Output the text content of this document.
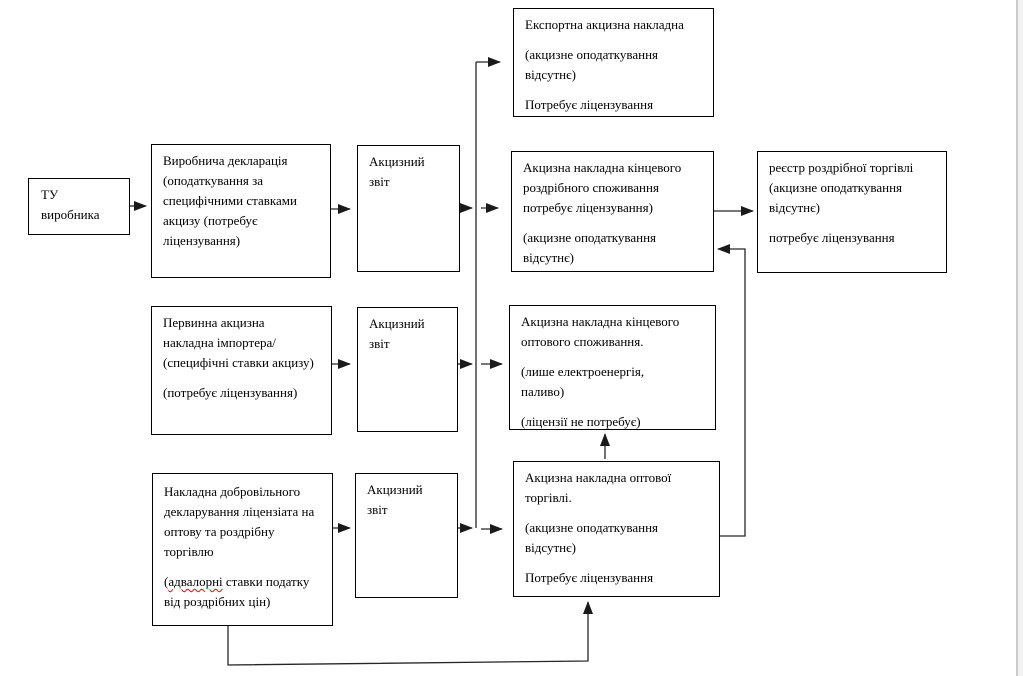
ТУ виробника

Виробнича декларація (оподаткування за специфічними ставками акцизу (потребує ліцензування)

Акцизний звіт

Експортна акцизна накладна

(акцизне оподаткування відсутнє)

Потребує ліцензування

Акцизна накладна кінцевого роздрібного споживання потребує ліцензування)

(акцизне оподаткування відсутнє)

реєстр роздрібної торгівлі (акцизне оподаткування відсутнє)

потребує ліцензування

Первинна акцизна накладна імпортера/ (специфічні ставки акцизу)

(потребує ліцензування)

Акцизний звіт

Акцизна накладна кінцевого оптового споживання.

(лише електроенергія, паливо)

(ліцензії не потребує)

Накладна добровільного декларування ліцензіата на оптову та роздрібну торгівлю

(адвалорні ставки податку від роздрібних цін)

Акцизний звіт

Акцизна накладна оптової торгівлі.

(акцизне оподаткування відсутнє)

Потребує ліцензування
